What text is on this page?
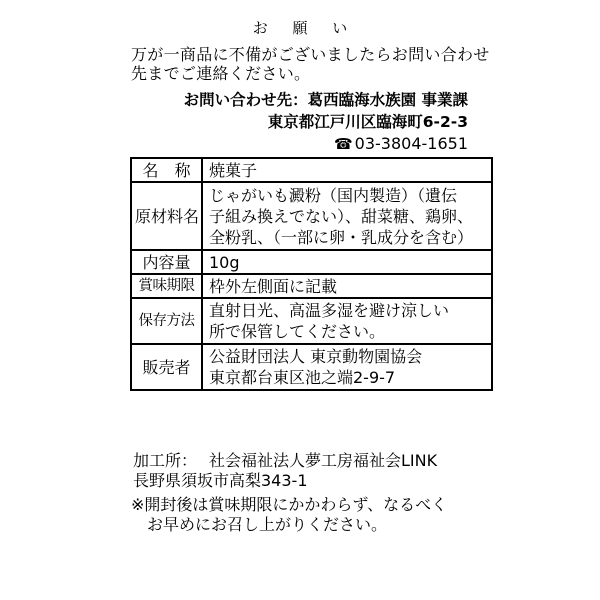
お 願 い
万が一商品に不備がございましたらお問い合わせ
先までご連絡ください。
お問い合わせ先：葛西臨海水族園 事業課
東京都江戸川区臨海町6-2-3
☎ 03-3804-1651
名　称	焼菓子

原材料名	じゃがいも澱粉（国内製造）（遺伝
子組み換えでない）、甜菜糖、鶏卵、
全粉乳、（一部に卵・乳成分を含む）

内容量	10g

賞味期限	枠外左側面に記載

保存方法	直射日光、高温多湿を避け涼しい
所で保管してください。

販売者	公益財団法人 東京動物園協会
東京都台東区池之端2-9-7
加工所： 社会福祉法人夢工房福祉会LINK
長野県須坂市高梨343-1
※開封後は賞味期限にかかわらず、なるべく
お早めにお召し上がりください。
